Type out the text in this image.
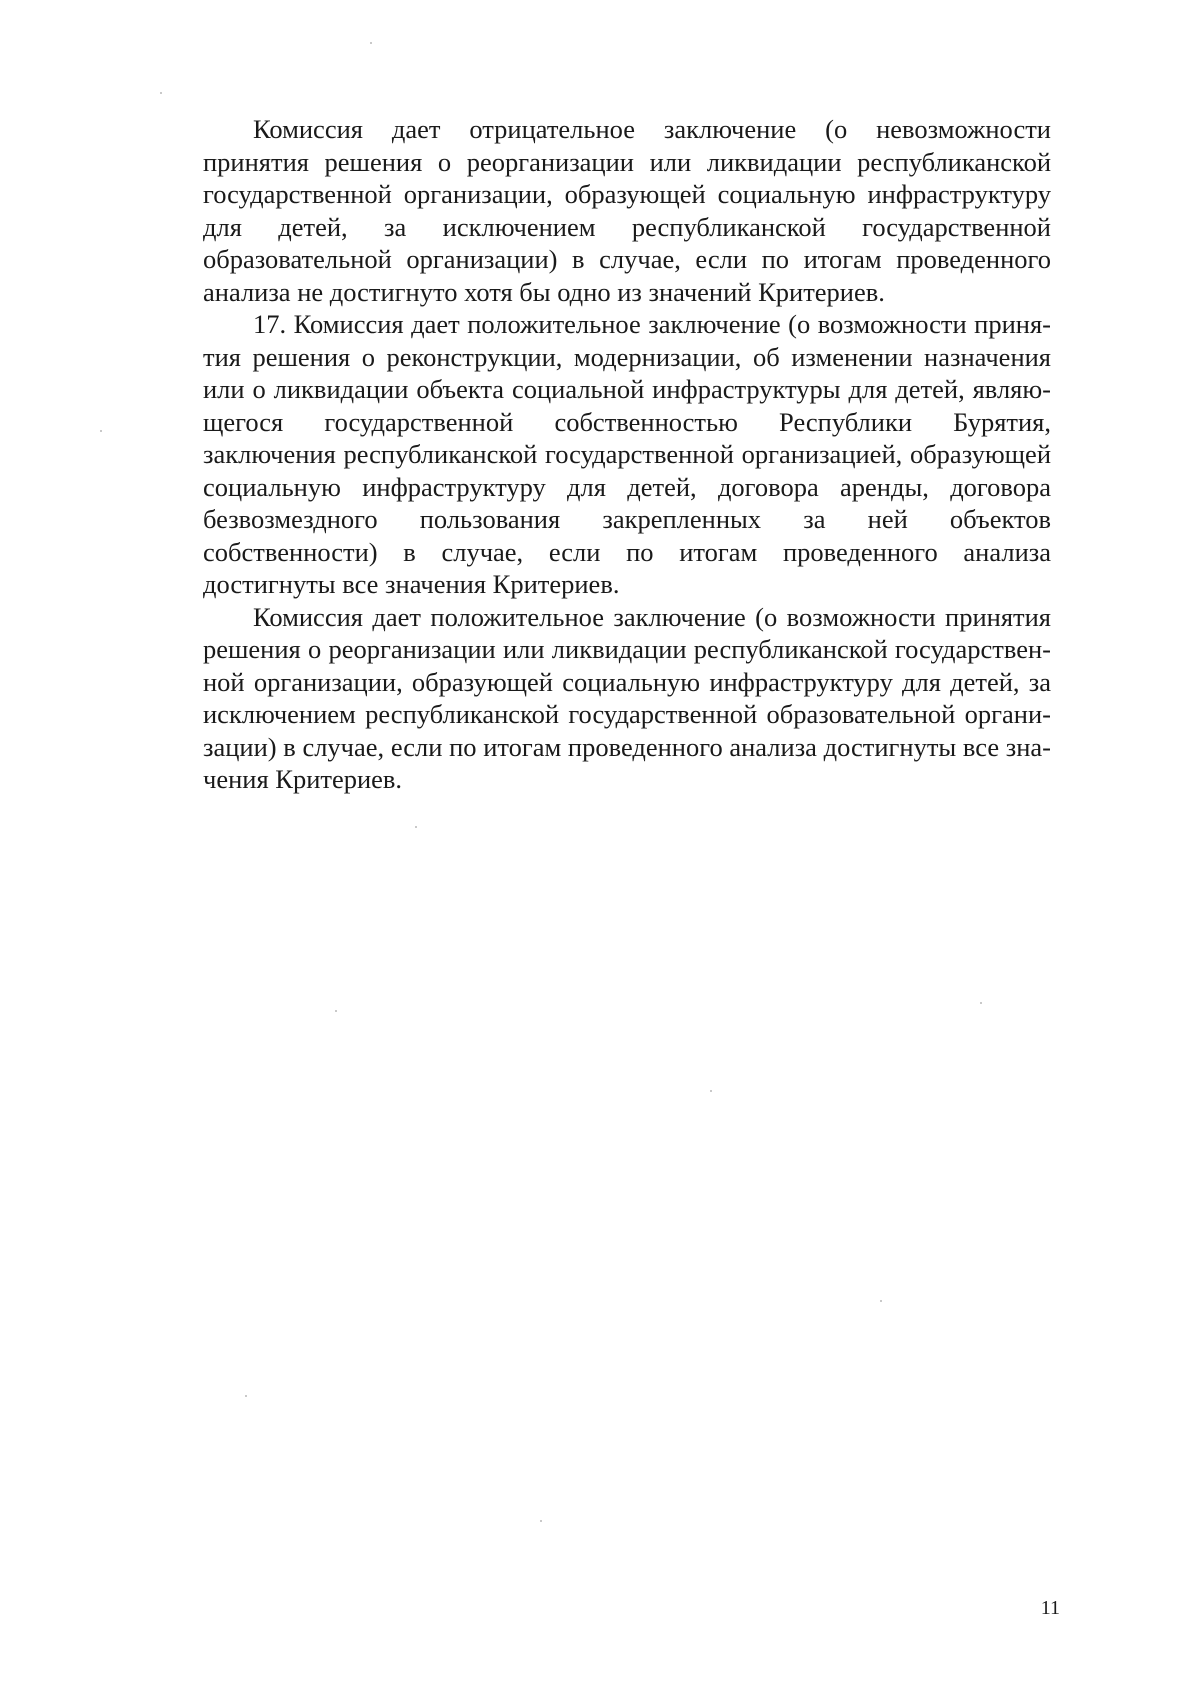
Комиссия дает отрицательное заключение (о невозможности принятия решения о реорганизации или ликвидации республиканской государственной организации, образующей социальную инфраструктуру для детей, за исключением республиканской государственной образовательной организации) в случае, если по итогам проведенного анализа не достигнуто хотя бы одно из значений Критериев.

17. Комиссия дает положительное заключение (о возможности принятия решения о реконструкции, модернизации, об изменении назначения или о ликвидации объекта социальной инфраструктуры для детей, являющегося государственной собственностью Республики Бурятия, заключения республиканской государственной организацией, образующей социальную инфраструктуру для детей, договора аренды, договора безвозмездного пользования закрепленных за ней объектов собственности) в случае, если по итогам проведенного анализа достигнуты все значения Критериев.

Комиссия дает положительное заключение (о возможности принятия решения о реорганизации или ликвидации республиканской государственной организации, образующей социальную инфраструктуру для детей, за исключением республиканской государственной образовательной организации) в случае, если по итогам проведенного анализа достигнуты все значения Критериев.

11
